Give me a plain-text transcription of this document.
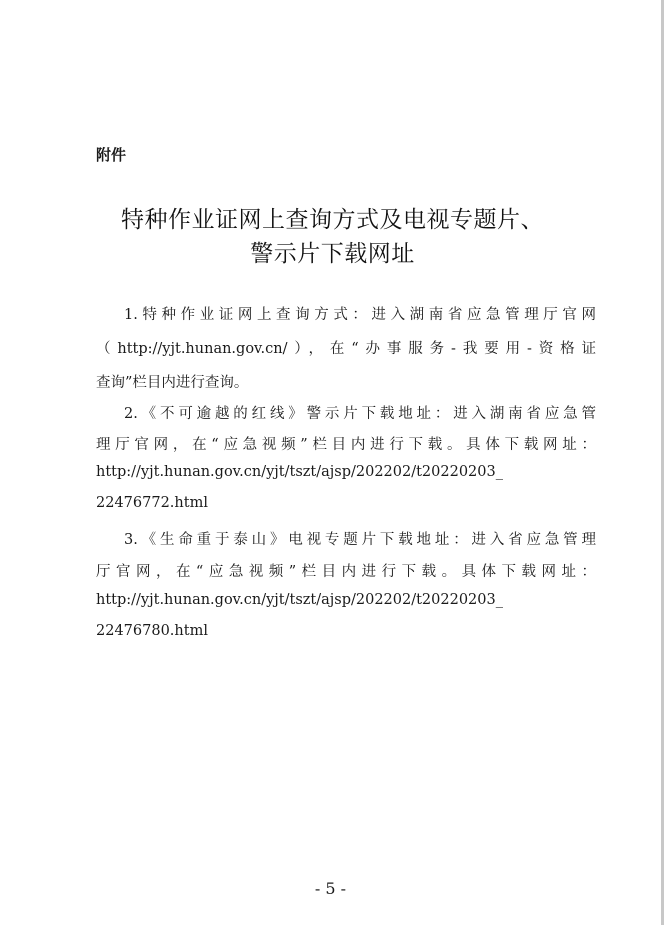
附件
特种作业证网上查询方式及电视专题片、
警示片下载网址
1.特种作业证网上查询方式：进入湖南省应急管理厅官网
（http://yjt.hunan.gov.cn/），在“办事服务-我要用-资格证
查询”栏目内进行查询。
2.《不可逾越的红线》警示片下载地址：进入湖南省应急管
理厅官网，在“应急视频”栏目内进行下载。具体下载网址：
http://yjt.hunan.gov.cn/yjt/tszt/ajsp/202202/t20220203_
22476772.html
3.《生命重于泰山》电视专题片下载地址：进入省应急管理
厅官网，在“应急视频”栏目内进行下载。具体下载网址：
http://yjt.hunan.gov.cn/yjt/tszt/ajsp/202202/t20220203_
22476780.html
- 5 -
